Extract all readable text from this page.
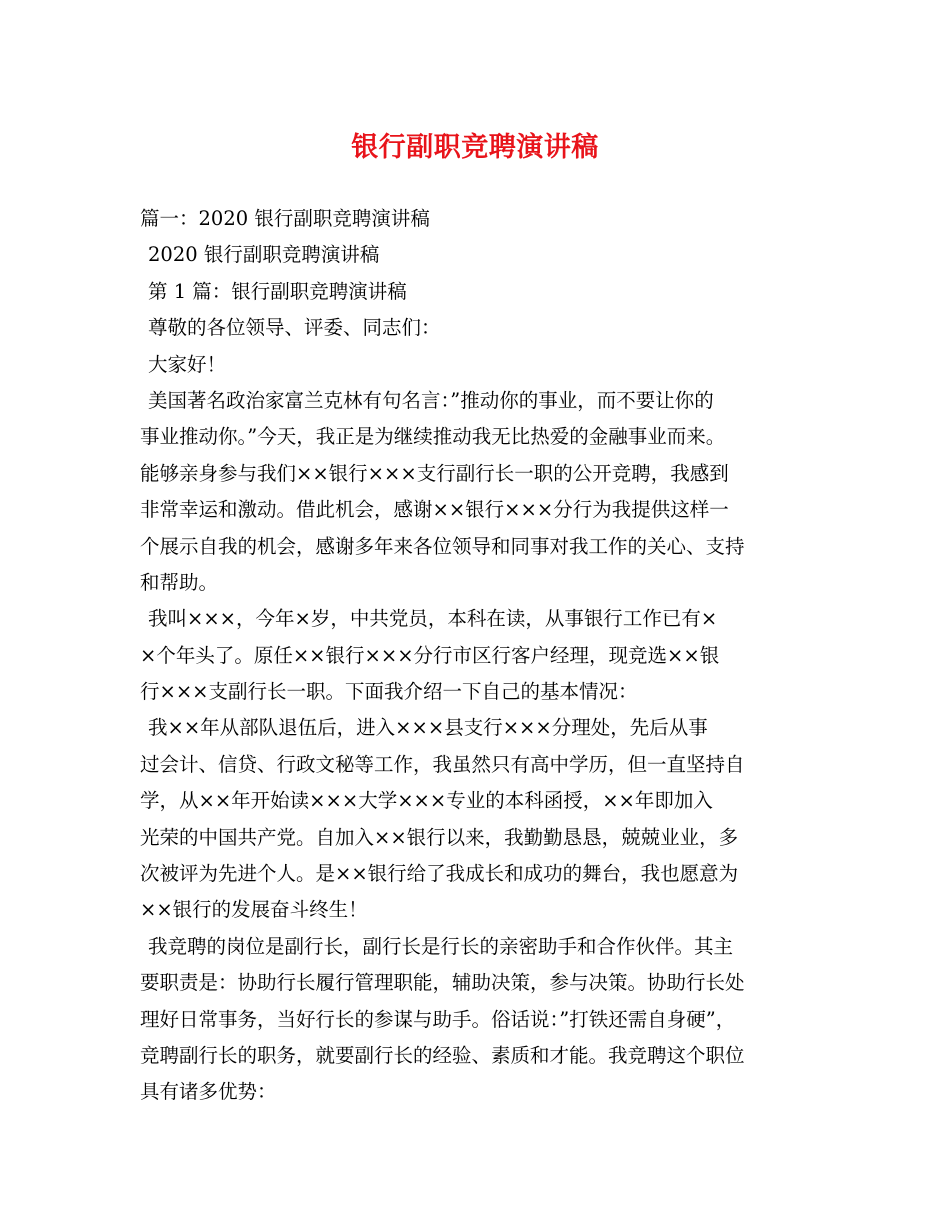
银行副职竞聘演讲稿
篇一：2020 银行副职竞聘演讲稿
2020 银行副职竞聘演讲稿
第 1 篇：银行副职竞聘演讲稿
尊敬的各位领导、评委、同志们：
大家好！
美国著名政治家富兰克林有句名言：”推动你的事业，而不要让你的
事业推动你。”今天，我正是为继续推动我无比热爱的金融事业而来。
能够亲身参与我们××银行×××支行副行长一职的公开竞聘，我感到
非常幸运和激动。借此机会，感谢××银行×××分行为我提供这样一
个展示自我的机会，感谢多年来各位领导和同事对我工作的关心、支持
和帮助。
我叫×××，今年×岁，中共党员，本科在读，从事银行工作已有×
×个年头了。原任××银行×××分行市区行客户经理，现竞选××银
行×××支副行长一职。下面我介绍一下自己的基本情况：
我××年从部队退伍后，进入×××县支行×××分理处，先后从事
过会计、信贷、行政文秘等工作，我虽然只有高中学历，但一直坚持自
学，从××年开始读×××大学×××专业的本科函授，××年即加入
光荣的中国共产党。自加入××银行以来，我勤勤恳恳，兢兢业业，多
次被评为先进个人。是××银行给了我成长和成功的舞台，我也愿意为
××银行的发展奋斗终生！
我竞聘的岗位是副行长，副行长是行长的亲密助手和合作伙伴。其主
要职责是：协助行长履行管理职能，辅助决策，参与决策。协助行长处
理好日常事务，当好行长的参谋与助手。俗话说：”打铁还需自身硬”，
竞聘副行长的职务，就要副行长的经验、素质和才能。我竞聘这个职位
具有诸多优势：
